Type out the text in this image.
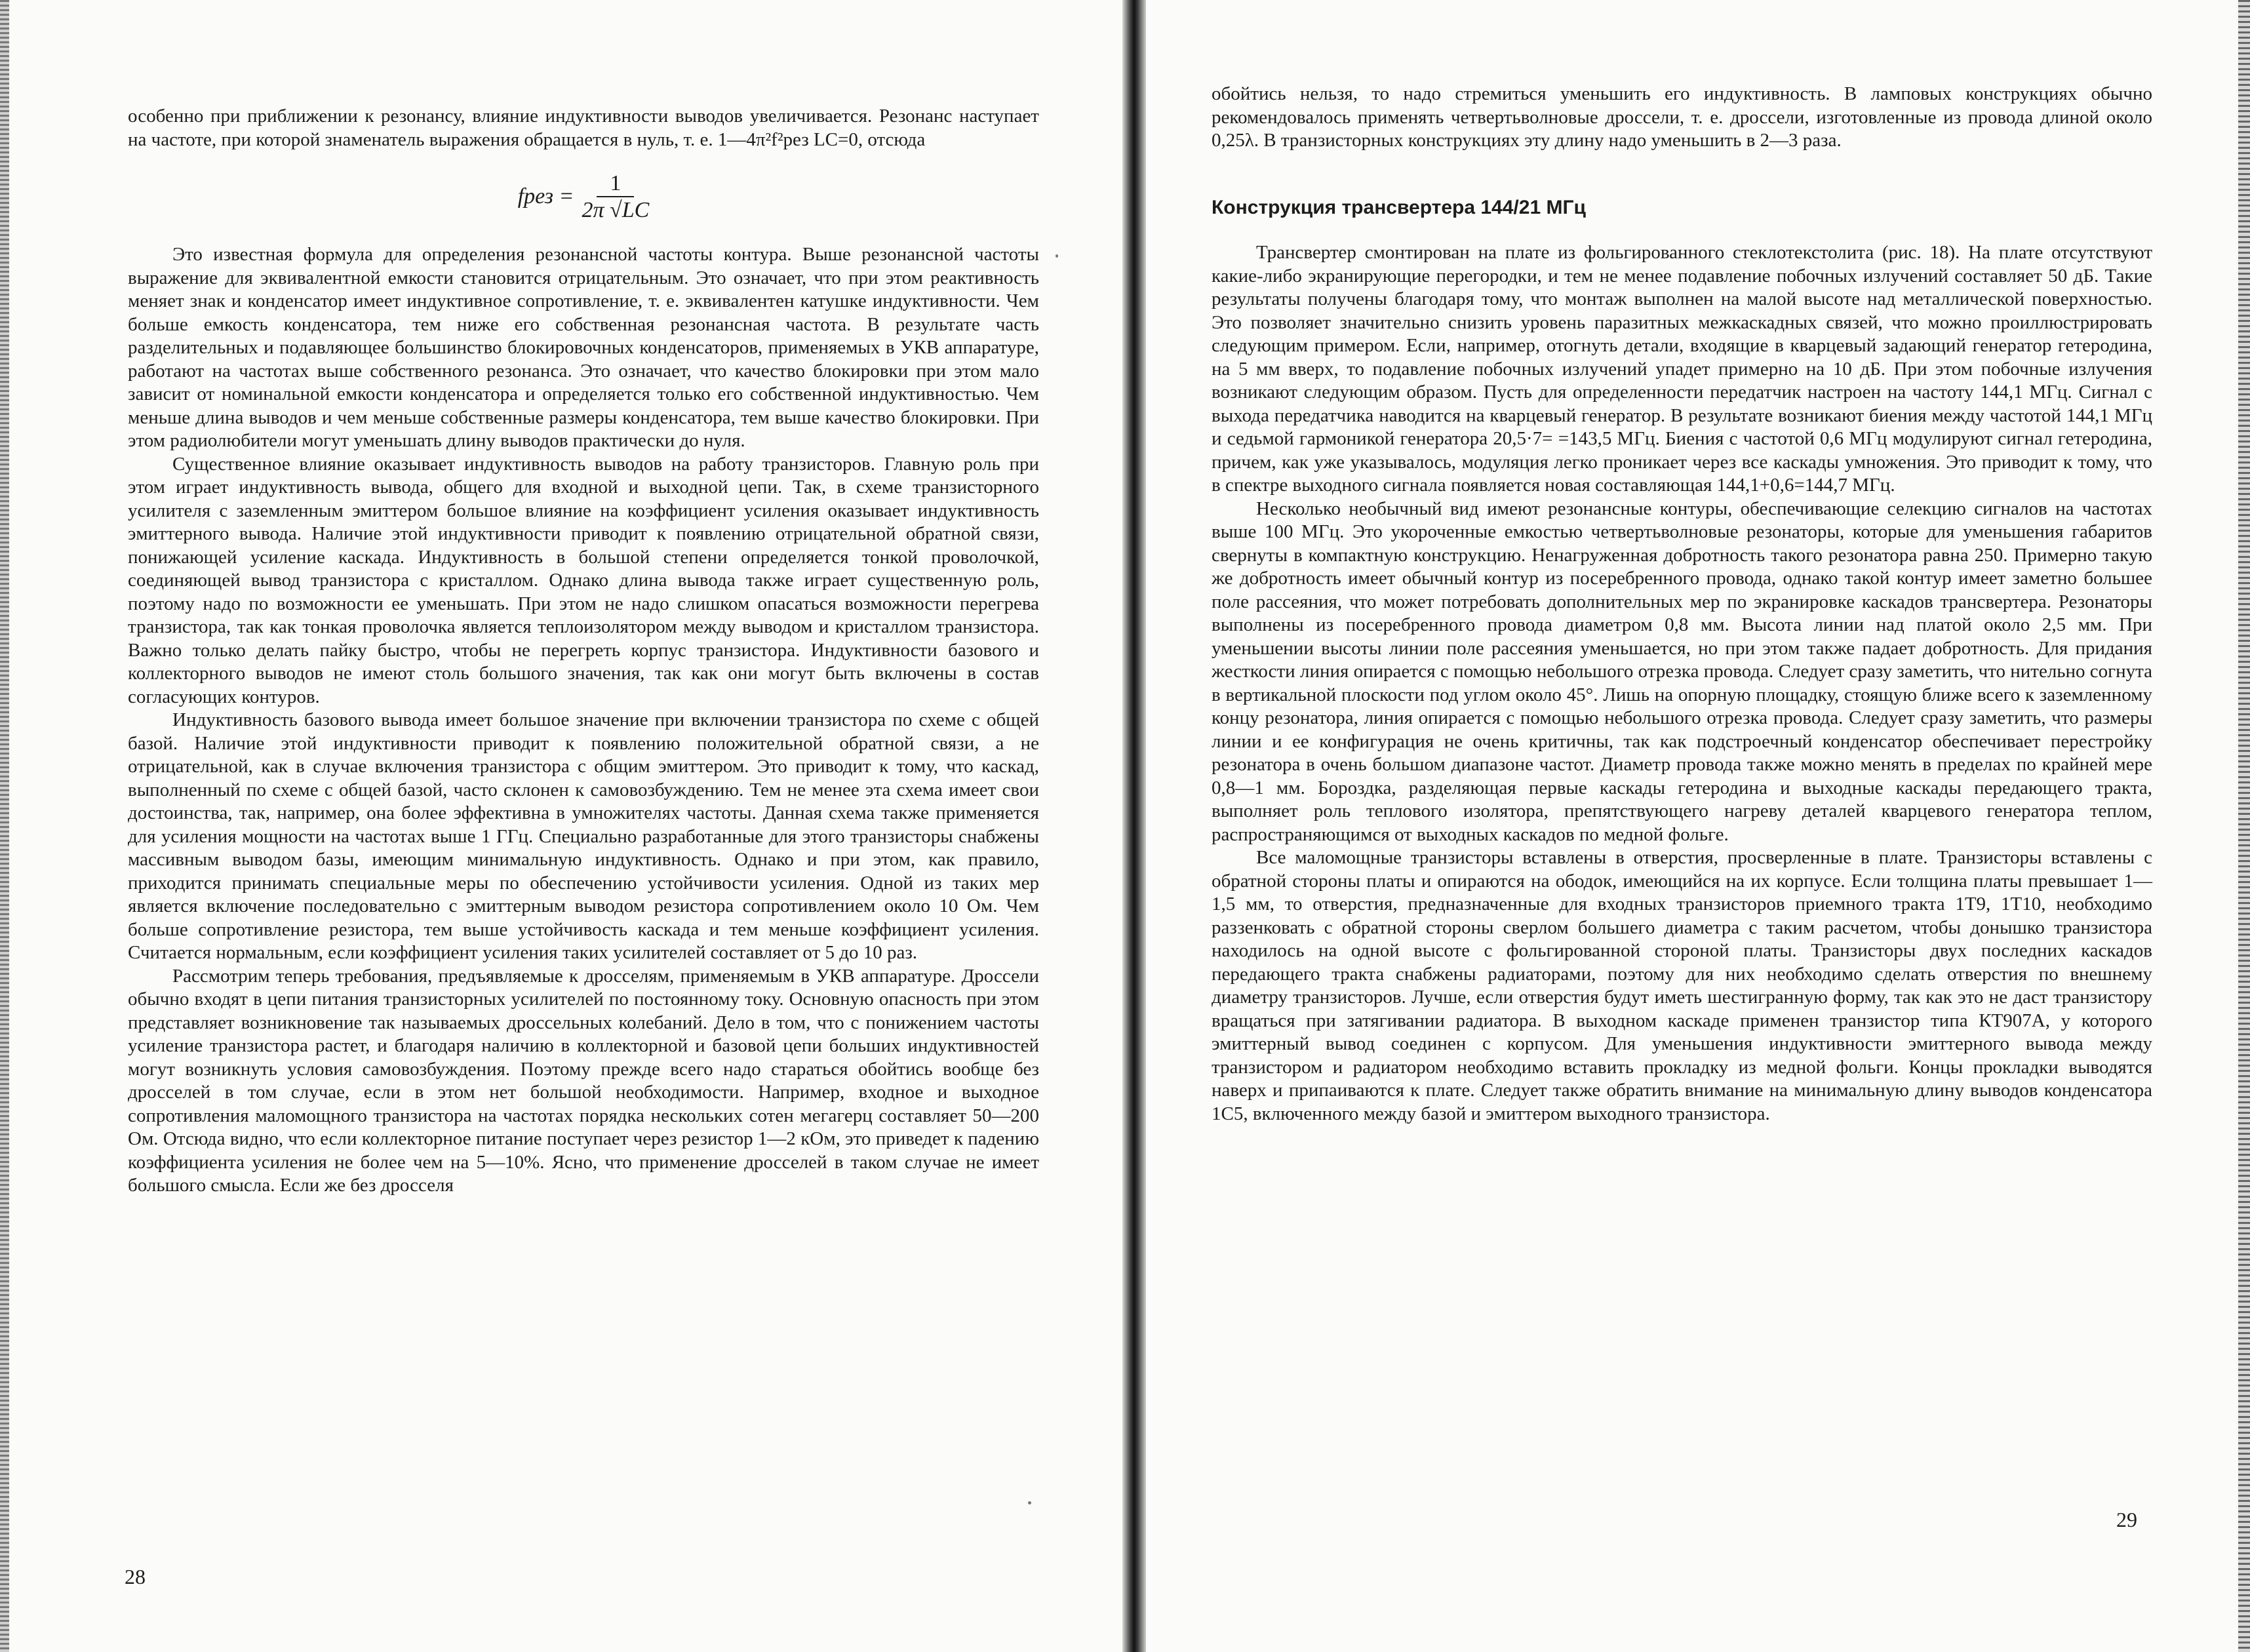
особенно при приближении к резонансу, влияние индуктивности выводов увеличивается. Резонанс наступает на частоте, при которой знаменатель выражения обращается в нуль, т. е. 1—4π²f²рез LC=0, отсюда

fрез = $\frac{1}{2\pi √LC}$

Это известная формула для определения резонансной частоты контура. Выше резонансной частоты выражение для эквивалентной емкости становится отрицательным. Это означает, что при этом реактивность меняет знак и конденсатор имеет индуктивное сопротивление, т. е. эквивалентен катушке индуктивности. Чем больше емкость конденсатора, тем ниже его собственная резонансная частота. В результате часть разделительных и подавляющее большинство блокировочных конденсаторов, применяемых в УКВ аппаратуре, работают на частотах выше собственного резонанса. Это означает, что качество блокировки при этом мало зависит от номинальной емкости конденсатора и определяется только его собственной индуктивностью. Чем меньше длина выводов и чем меньше собственные размеры конденсатора, тем выше качество блокировки. При этом радиолюбители могут уменьшать длину выводов практически до нуля.

Существенное влияние оказывает индуктивность выводов на работу транзисторов. Главную роль при этом играет индуктивность вывода, общего для входной и выходной цепи. Так, в схеме транзисторного усилителя с заземленным эмиттером большое влияние на коэффициент усиления оказывает индуктивность эмиттерного вывода. Наличие этой индуктивности приводит к появлению отрицательной обратной связи, понижающей усиление каскада. Индуктивность в большой степени определяется тонкой проволочкой, соединяющей вывод транзистора с кристаллом. Однако длина вывода также играет существенную роль, поэтому надо по возможности ее уменьшать. При этом не надо слишком опасаться возможности перегрева транзистора, так как тонкая проволочка является теплоизолятором между выводом и кристаллом транзистора. Важно только делать пайку быстро, чтобы не перегреть корпус транзистора. Индуктивности базового и коллекторного выводов не имеют столь большого значения, так как они могут быть включены в состав согласующих контуров.

Индуктивность базового вывода имеет большое значение при включении транзистора по схеме с общей базой. Наличие этой индуктивности приводит к появлению положительной обратной связи, а не отрицательной, как в случае включения транзистора с общим эмиттером. Это приводит к тому, что каскад, выполненный по схеме с общей базой, часто склонен к самовозбуждению. Тем не менее эта схема имеет свои достоинства, так, например, она более эффективна в умножителях частоты. Данная схема также применяется для усиления мощности на частотах выше 1 ГГц. Специально разработанные для этого транзисторы снабжены массивным выводом базы, имеющим минимальную индуктивность. Однако и при этом, как правило, приходится принимать специальные меры по обеспечению устойчивости усиления. Одной из таких мер является включение последовательно с эмиттерным выводом резистора сопротивлением около 10 Ом. Чем больше сопротивление резистора, тем выше устойчивость каскада и тем меньше коэффициент усиления. Считается нормальным, если коэффициент усиления таких усилителей составляет от 5 до 10 раз.

Рассмотрим теперь требования, предъявляемые к дросселям, применяемым в УКВ аппаратуре. Дроссели обычно входят в цепи питания транзисторных усилителей по постоянному току. Основную опасность при этом представляет возникновение так называемых дроссельных колебаний. Дело в том, что с понижением частоты усиление транзистора растет, и благодаря наличию в коллекторной и базовой цепи больших индуктивностей могут возникнуть условия самовозбуждения. Поэтому прежде всего надо стараться обойтись вообще без дросселей в том случае, если в этом нет большой необходимости. Например, входное и выходное сопротивления маломощного транзистора на частотах порядка нескольких сотен мегагерц составляет 50—200 Ом. Отсюда видно, что если коллекторное питание поступает через резистор 1—2 кОм, это приведет к падению коэффициента усиления не более чем на 5—10%. Ясно, что применение дросселей в таком случае не имеет большого смысла. Если же без дросселя

28

обойтись нельзя, то надо стремиться уменьшить его индуктивность. В ламповых конструкциях обычно рекомендовалось применять четвертьволновые дроссели, т. е. дроссели, изготовленные из провода длиной около 0,25λ. В транзисторных конструкциях эту длину надо уменьшить в 2—3 раза.

Конструкция трансвертера 144/21 МГц

Трансвертер смонтирован на плате из фольгированного стеклотекстолита (рис. 18). На плате отсутствуют какие-либо экранирующие перегородки, и тем не менее подавление побочных излучений составляет 50 дБ. Такие результаты получены благодаря тому, что монтаж выполнен на малой высоте над металлической поверхностью. Это позволяет значительно снизить уровень паразитных межкаскадных связей, что можно проиллюстрировать следующим примером. Если, например, отогнуть детали, входящие в кварцевый задающий генератор гетеродина, на 5 мм вверх, то подавление побочных излучений упадет примерно на 10 дБ. При этом побочные излучения возникают следующим образом. Пусть для определенности передатчик настроен на частоту 144,1 МГц. Сигнал с выхода передатчика наводится на кварцевый генератор. В результате возникают биения между частотой 144,1 МГц и седьмой гармоникой генератора 20,5·7= =143,5 МГц. Биения с частотой 0,6 МГц модулируют сигнал гетеродина, причем, как уже указывалось, модуляция легко проникает через все каскады умножения. Это приводит к тому, что в спектре выходного сигнала появляется новая составляющая 144,1+0,6=144,7 МГц.

Несколько необычный вид имеют резонансные контуры, обеспечивающие селекцию сигналов на частотах выше 100 МГц. Это укороченные емкостью четвертьволновые резонаторы, которые для уменьшения габаритов свернуты в компактную конструкцию. Ненагруженная добротность такого резонатора равна 250. Примерно такую же добротность имеет обычный контур из посеребренного провода, однако такой контур имеет заметно большее поле рассеяния, что может потребовать дополнительных мер по экранировке каскадов трансвертера. Резонаторы выполнены из посеребренного провода диаметром 0,8 мм. Высота линии над платой около 2,5 мм. При уменьшении высоты линии поле рассеяния уменьшается, но при этом также падает добротность. Для придания жесткости линия опирается с помощью небольшого отрезка провода. Следует сразу заметить, что нительно согнута в вертикальной плоскости под углом около 45°. Лишь на опорную площадку, стоящую ближе всего к заземленному концу резонатора, линия опирается с помощью небольшого отрезка провода. Следует сразу заметить, что размеры линии и ее конфигурация не очень критичны, так как подстроечный конденсатор обеспечивает перестройку резонатора в очень большом диапазоне частот. Диаметр провода также можно менять в пределах по крайней мере 0,8—1 мм. Бороздка, разделяющая первые каскады гетеродина и выходные каскады передающего тракта, выполняет роль теплового изолятора, препятствующего нагреву деталей кварцевого генератора теплом, распространяющимся от выходных каскадов по медной фольге.

Все маломощные транзисторы вставлены в отверстия, просверленные в плате. Транзисторы вставлены с обратной стороны платы и опираются на ободок, имеющийся на их корпусе. Если толщина платы превышает 1—1,5 мм, то отверстия, предназначенные для входных транзисторов приемного тракта 1Т9, 1Т10, необходимо раззенковать с обратной стороны сверлом большего диаметра с таким расчетом, чтобы донышко транзистора находилось на одной высоте с фольгированной стороной платы. Транзисторы двух последних каскадов передающего тракта снабжены радиаторами, поэтому для них необходимо сделать отверстия по внешнему диаметру транзисторов. Лучше, если отверстия будут иметь шестигранную форму, так как это не даст транзистору вращаться при затягивании радиатора. В выходном каскаде применен транзистор типа КТ907А, у которого эмиттерный вывод соединен с корпусом. Для уменьшения индуктивности эмиттерного вывода между транзистором и радиатором необходимо вставить прокладку из медной фольги. Концы прокладки выводятся наверх и припаиваются к плате. Следует также обратить внимание на минимальную длину выводов конденсатора 1С5, включенного между базой и эмиттером выходного транзистора.

29
